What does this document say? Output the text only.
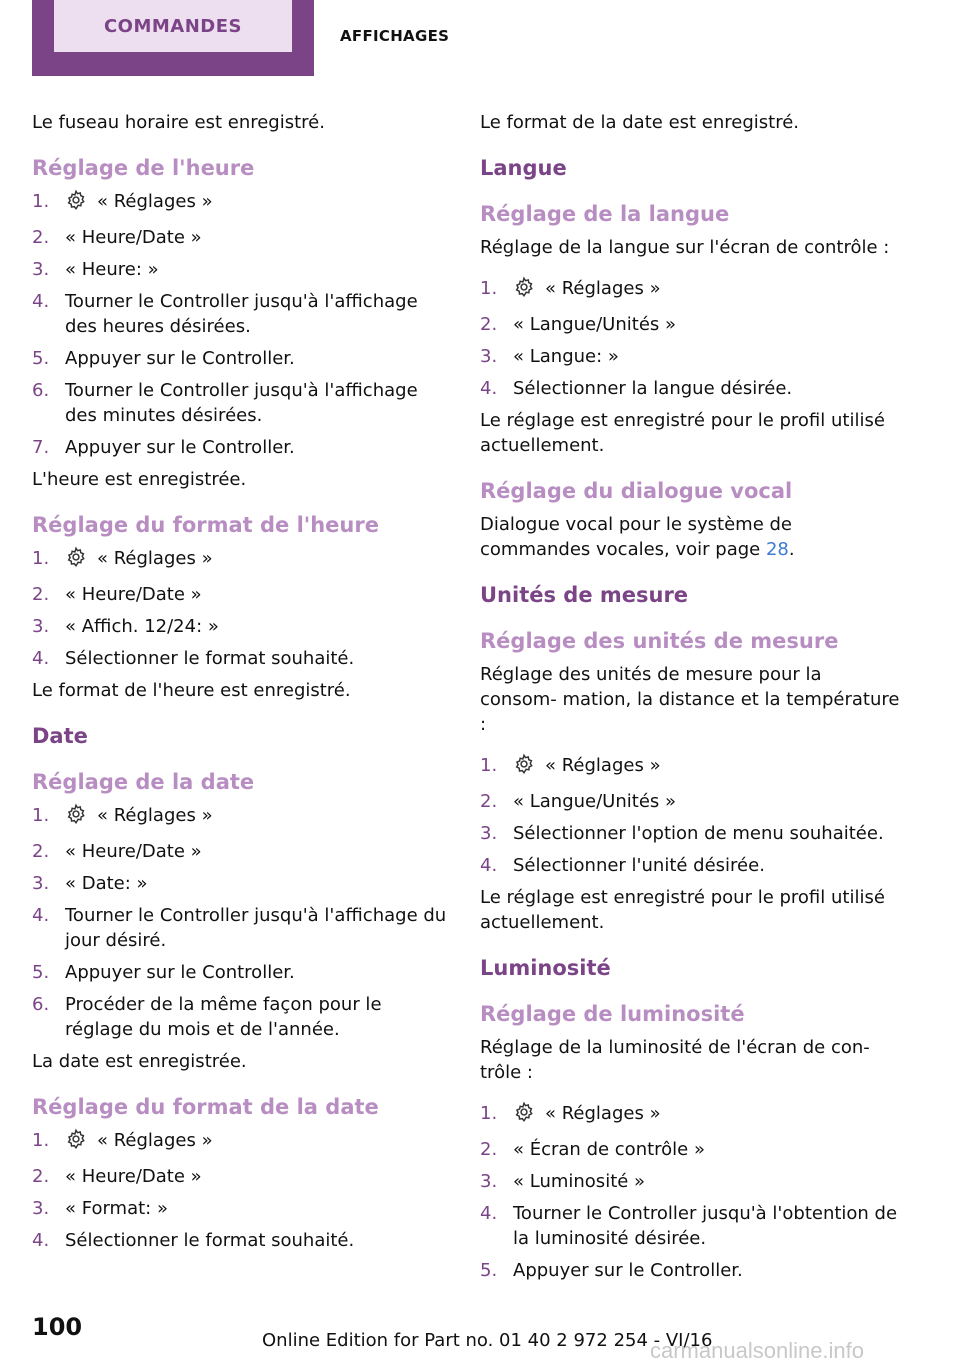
COMMANDES	AFFICHAGES

Le fuseau horaire est enregistré.

Réglage de l'heure
1.	« Réglages »
2. « Heure/Date »
3. « Heure: »
4. Tourner le Controller jusqu'à l'affichage des heures désirées.
5. Appuyer sur le Controller.
6. Tourner le Controller jusqu'à l'affichage des minutes désirées.
7. Appuyer sur le Controller.

L'heure est enregistrée.

Réglage du format de l'heure
1.	« Réglages »
2. « Heure/Date »
3. « Affich. 12/24: »
4. Sélectionner le format souhaité.

Le format de l'heure est enregistré.

Date
Réglage de la date
1.	« Réglages »
2. « Heure/Date »
3. « Date: »
4. Tourner le Controller jusqu'à l'affichage du jour désiré.
5. Appuyer sur le Controller.
6. Procéder de la même façon pour le réglage du mois et de l'année.

La date est enregistrée.

Réglage du format de la date
1.	« Réglages »
2. « Heure/Date »
3. « Format: »
4. Sélectionner le format souhaité.

Le format de la date est enregistré.

Langue
Réglage de la langue

Réglage de la langue sur l'écran de contrôle :

1.	« Réglages »
2. « Langue/Unités »
3. « Langue: »
4. Sélectionner la langue désirée.

Le réglage est enregistré pour le profil utilisé actuellement.

Réglage du dialogue vocal

Dialogue vocal pour le système de commandes vocales, voir page 28.

Unités de mesure
Réglage des unités de mesure

Réglage des unités de mesure pour la consom‐ mation, la distance et la température :

1.	« Réglages »
2. « Langue/Unités »
3. Sélectionner l'option de menu souhaitée.
4. Sélectionner l'unité désirée.

Le réglage est enregistré pour le profil utilisé actuellement.

Luminosité
Réglage de luminosité

Réglage de la luminosité de l'écran de con‐ trôle :

1.	« Réglages »
2. « Écran de contrôle »
3. « Luminosité »
4. Tourner le Controller jusqu'à l'obtention de la luminosité désirée.
5. Appuyer sur le Controller.
100	Online Edition for Part no. 01 40 2 972 254 - VI/16
carmanualsonline.info
